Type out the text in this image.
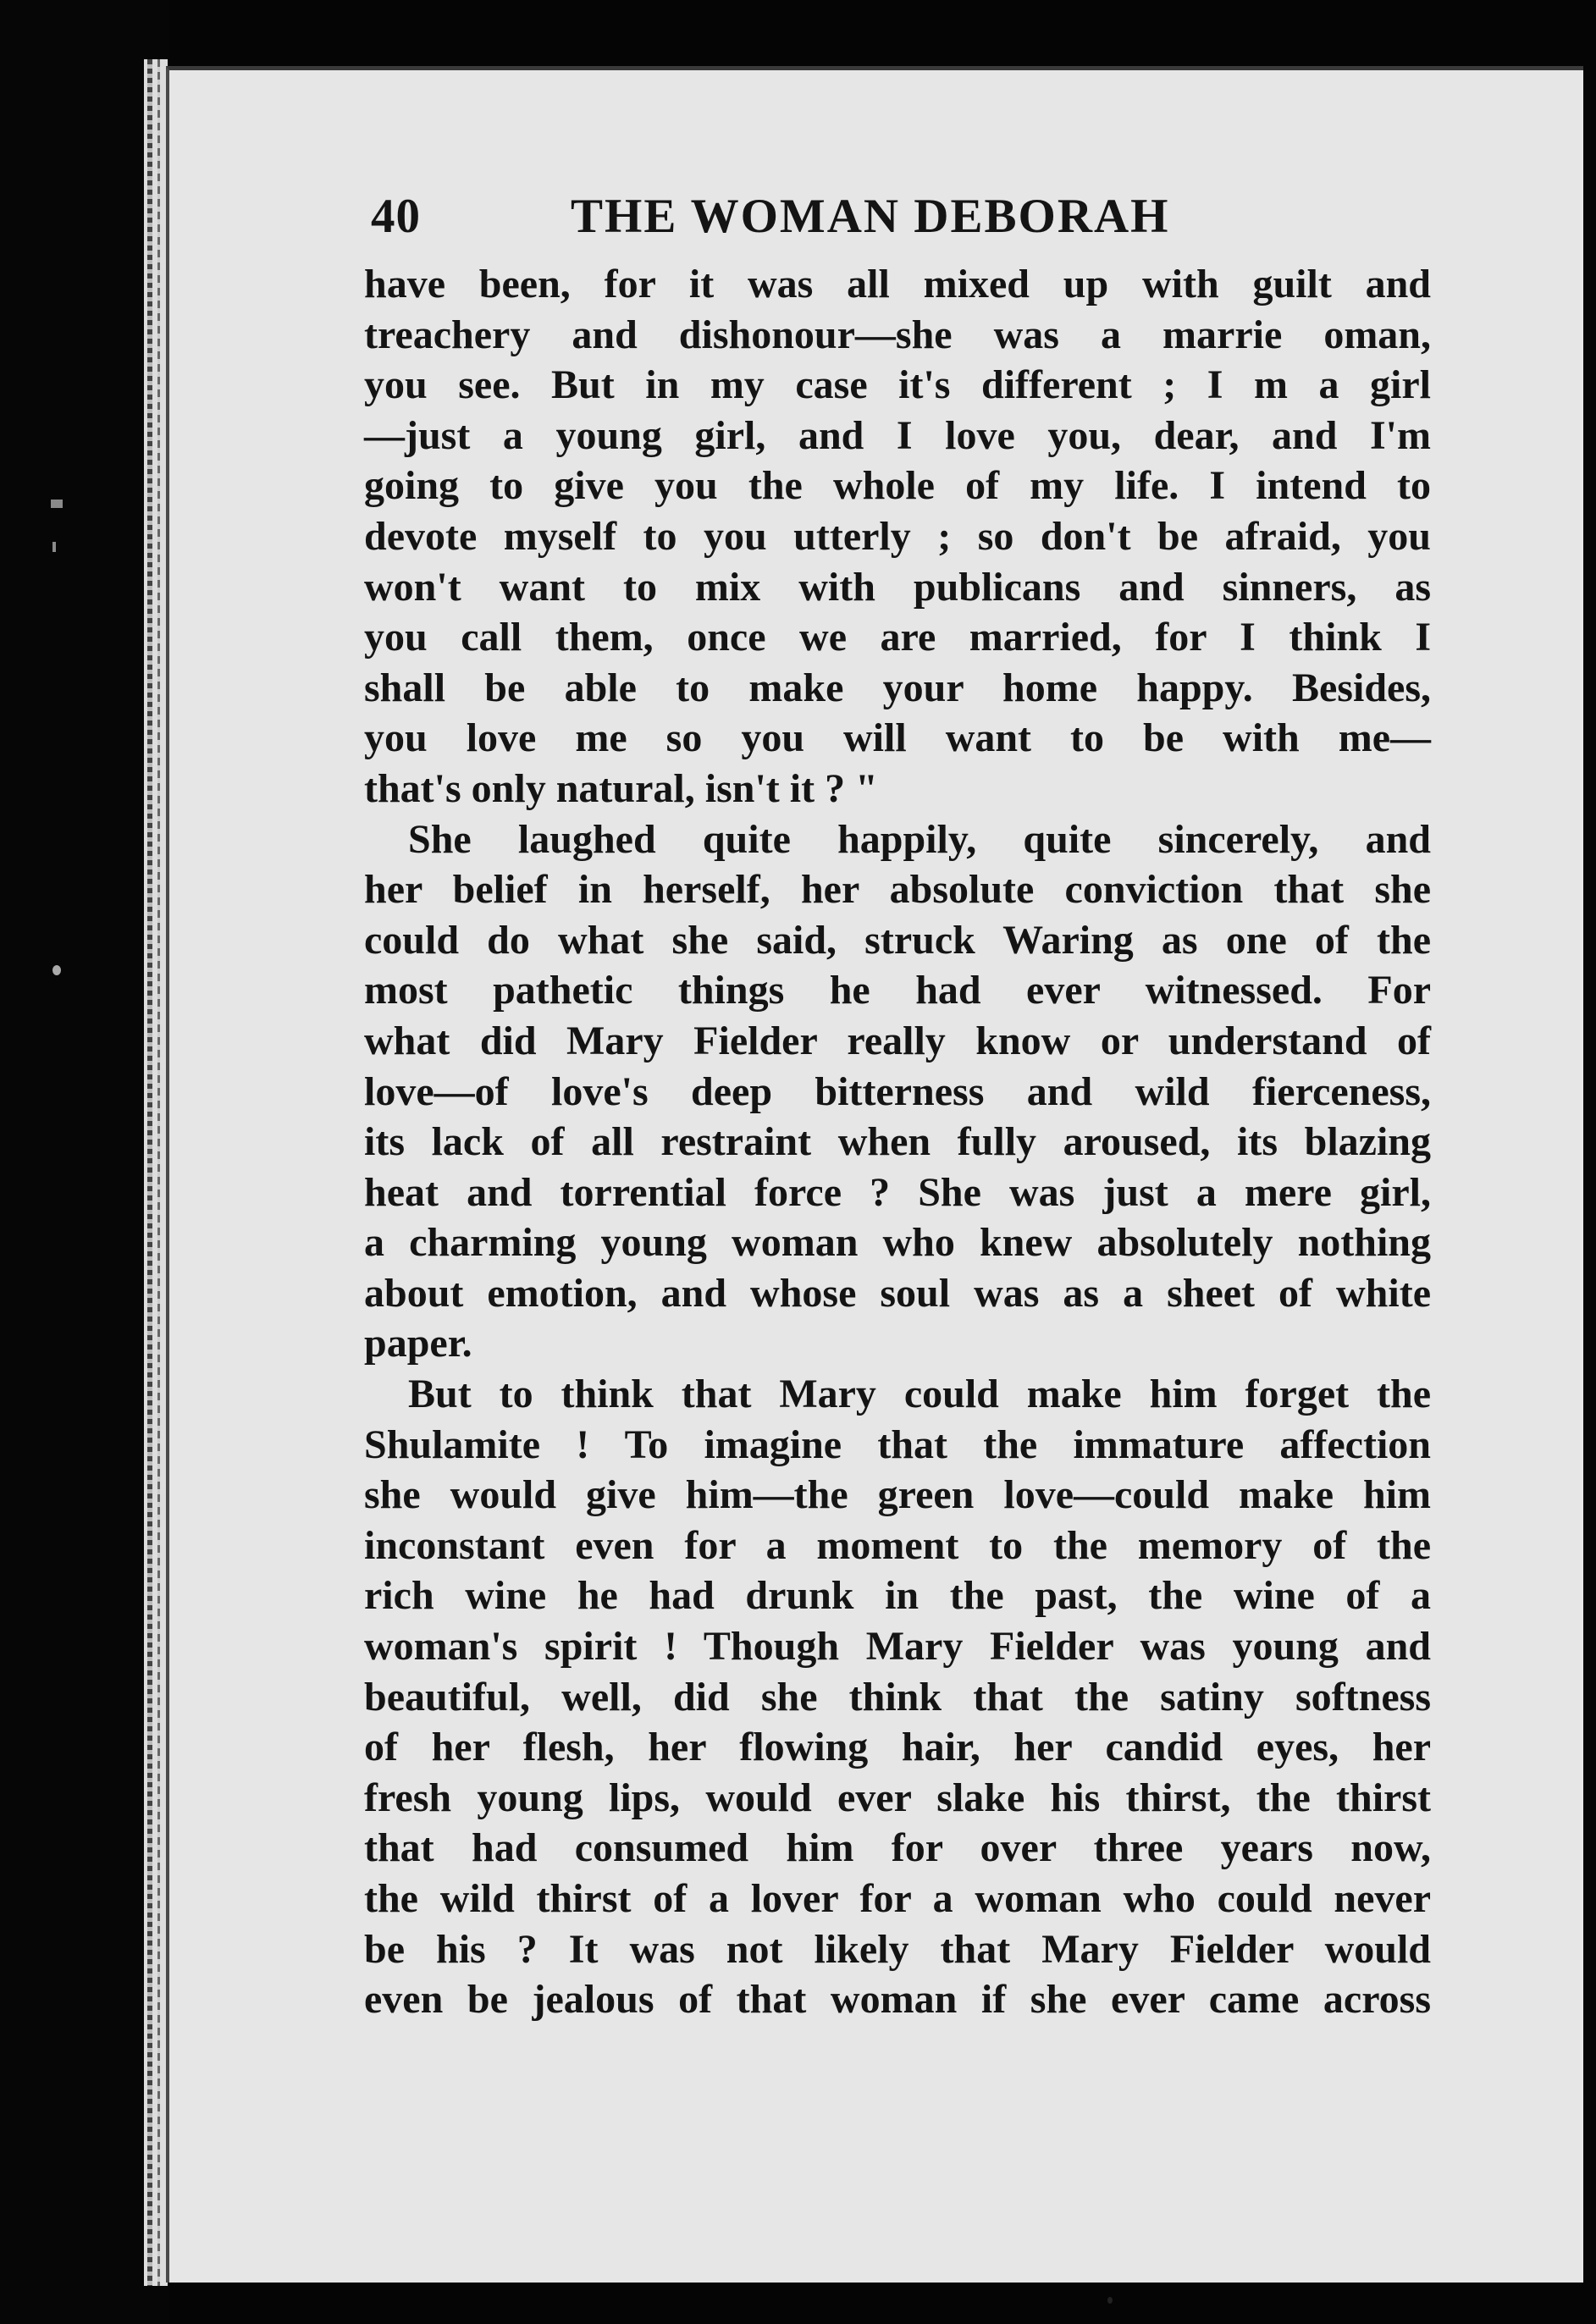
40	THE WOMAN DEBORAH
have been, for it was all mixed up with guilt and
treachery and dishonour—she was a marrie oman,
you see. But in my case it's different ; I m a girl
—just a young girl, and I love you, dear, and I'm
going to give you the whole of my life. I intend to
devote myself to you utterly ; so don't be afraid, you
won't want to mix with publicans and sinners, as
you call them, once we are married, for I think I
shall be able to make your home happy. Besides,
you love me so you will want to be with me—
that's only natural, isn't it ? "
She laughed quite happily, quite sincerely, and
her belief in herself, her absolute conviction that she
could do what she said, struck Waring as one of the
most pathetic things he had ever witnessed. For
what did Mary Fielder really know or understand of
love—of love's deep bitterness and wild fierceness,
its lack of all restraint when fully aroused, its blazing
heat and torrential force ? She was just a mere girl,
a charming young woman who knew absolutely nothing
about emotion, and whose soul was as a sheet of white
paper.
But to think that Mary could make him forget the
Shulamite ! To imagine that the immature affection
she would give him—the green love—could make him
inconstant even for a moment to the memory of the
rich wine he had drunk in the past, the wine of a
woman's spirit ! Though Mary Fielder was young and
beautiful, well, did she think that the satiny softness
of her flesh, her flowing hair, her candid eyes, her
fresh young lips, would ever slake his thirst, the thirst
that had consumed him for over three years now,
the wild thirst of a lover for a woman who could never
be his ? It was not likely that Mary Fielder would
even be jealous of that woman if she ever came across
